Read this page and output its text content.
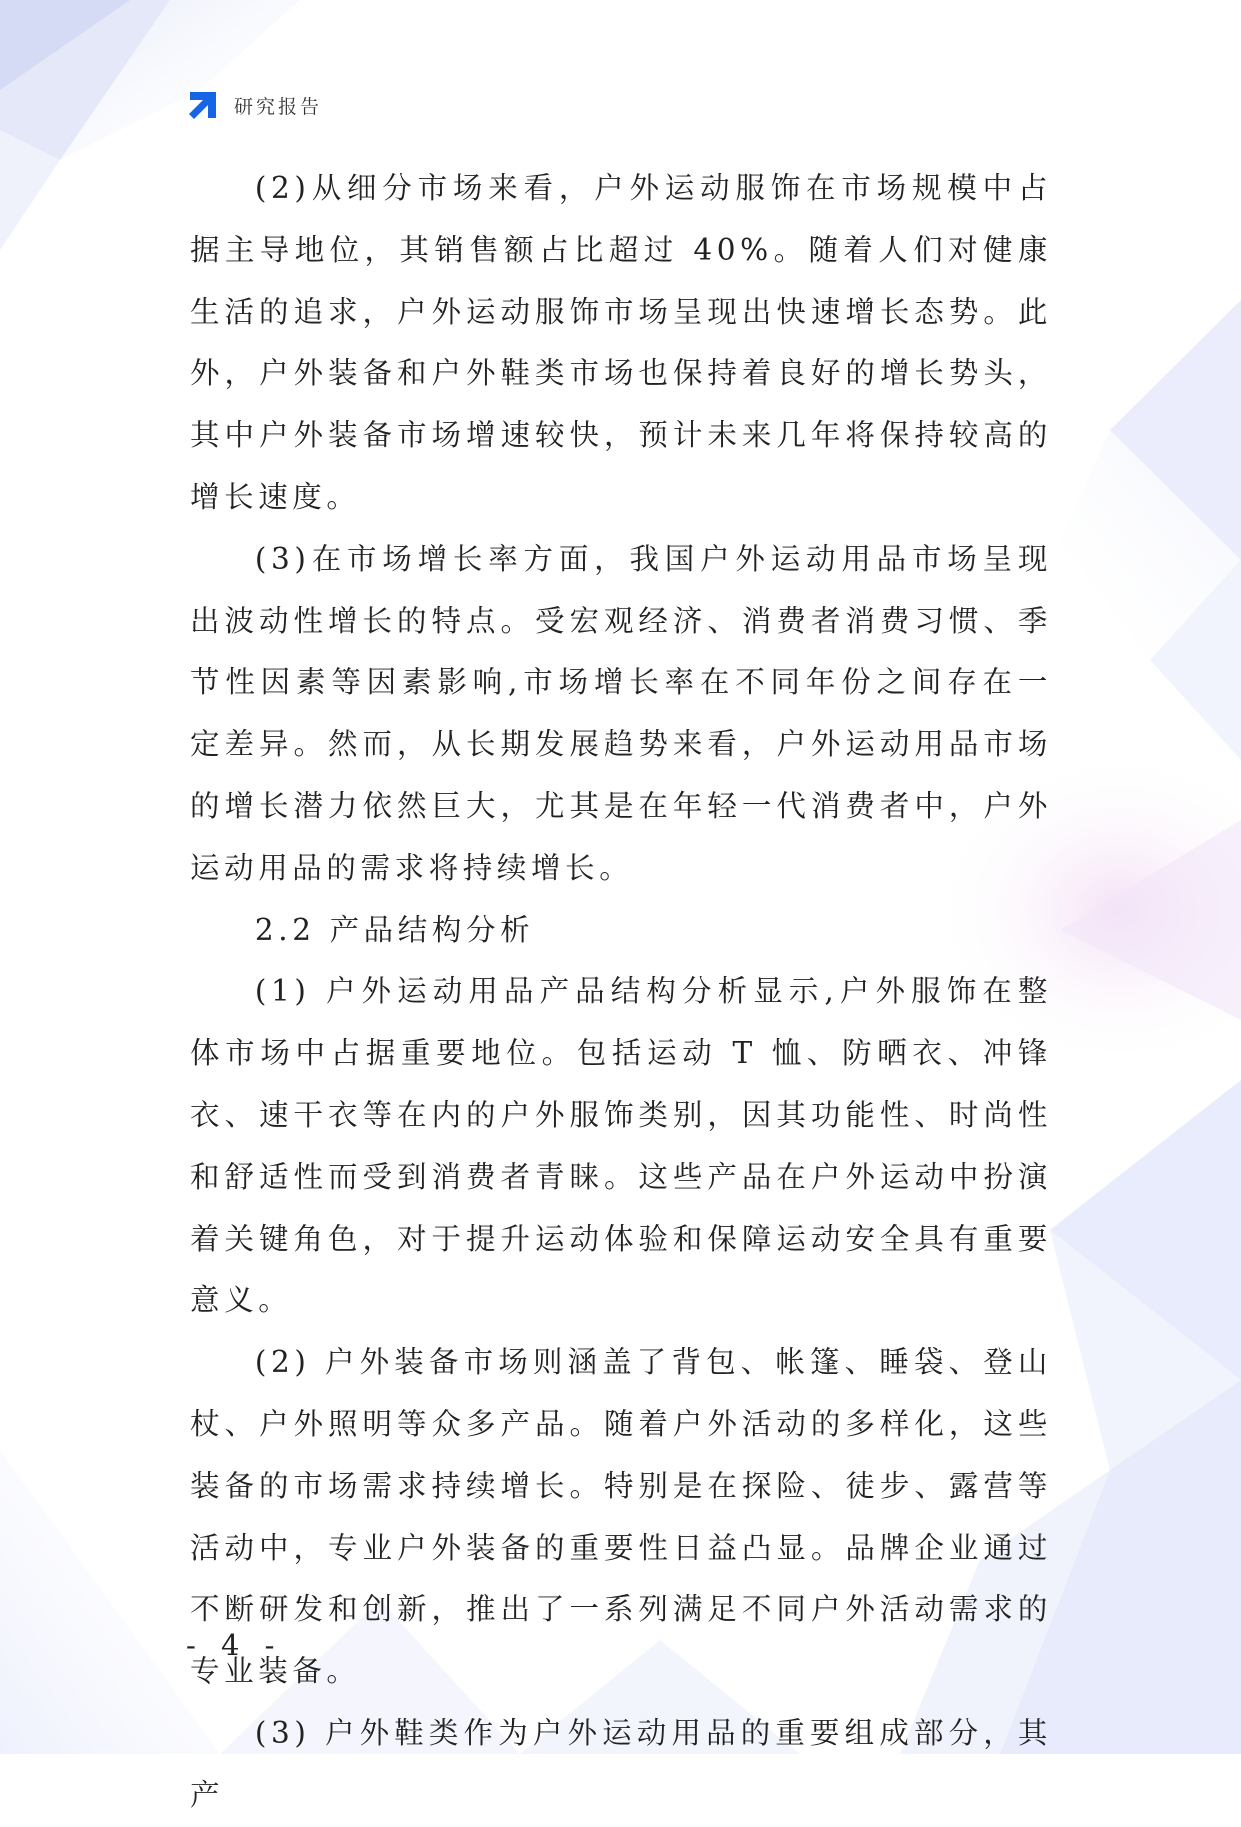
研究报告

(2)从细分市场来看，户外运动服饰在市场规模中占据主导地位，其销售额占比超过 40%。随着人们对健康生活的追求，户外运动服饰市场呈现出快速增长态势。此外，户外装备和户外鞋类市场也保持着良好的增长势头，其中户外装备市场增速较快，预计未来几年将保持较高的增长速度。

(3)在市场增长率方面，我国户外运动用品市场呈现出波动性增长的特点。受宏观经济、消费者消费习惯、季节性因素等因素影响,市场增长率在不同年份之间存在一定差异。然而，从长期发展趋势来看，户外运动用品市场的增长潜力依然巨大，尤其是在年轻一代消费者中，户外运动用品的需求将持续增长。

2.2 产品结构分析

(1) 户外运动用品产品结构分析显示,户外服饰在整体市场中占据重要地位。包括运动 T 恤、防晒衣、冲锋衣、速干衣等在内的户外服饰类别，因其功能性、时尚性和舒适性而受到消费者青睐。这些产品在户外运动中扮演着关键角色，对于提升运动体验和保障运动安全具有重要意义。

(2) 户外装备市场则涵盖了背包、帐篷、睡袋、登山杖、户外照明等众多产品。随着户外活动的多样化，这些装备的市场需求持续增长。特别是在探险、徒步、露营等活动中，专业户外装备的重要性日益凸显。品牌企业通过不断研发和创新，推出了一系列满足不同户外活动需求的专业装备。

(3) 户外鞋类作为户外运动用品的重要组成部分，其产

- 4 -
